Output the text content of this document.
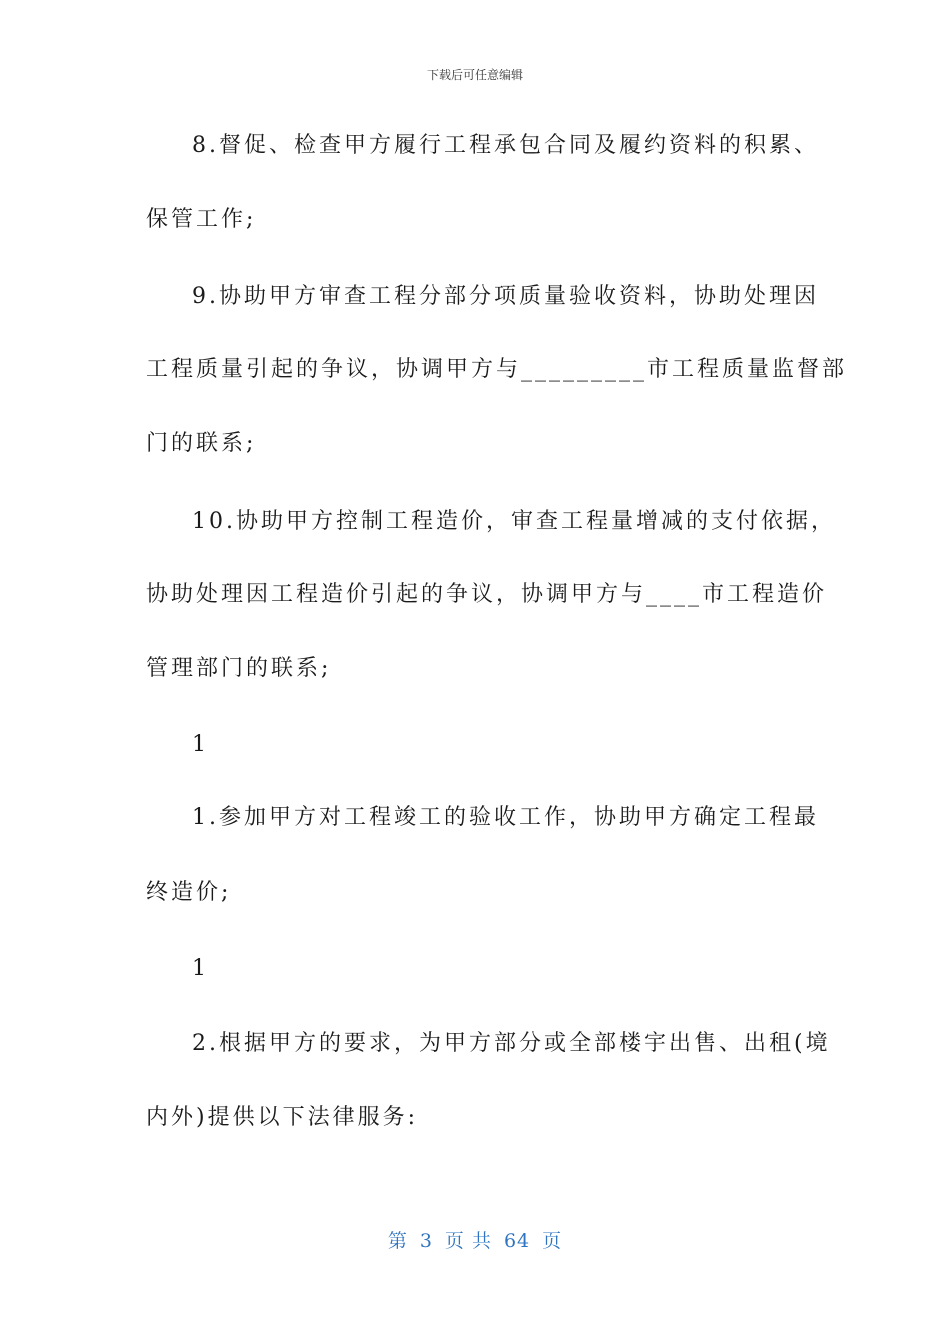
下载后可任意编辑
8.督促、检查甲方履行工程承包合同及履约资料的积累、
保管工作;
9.协助甲方审查工程分部分项质量验收资料，协助处理因
工程质量引起的争议，协调甲方与_________市工程质量监督部
门的联系;
10.协助甲方控制工程造价，审查工程量增减的支付依据，
协助处理因工程造价引起的争议，协调甲方与____市工程造价
管理部门的联系;
1
1.参加甲方对工程竣工的验收工作，协助甲方确定工程最
终造价;
1
2.根据甲方的要求，为甲方部分或全部楼宇出售、出租(境
内外)提供以下法律服务:
第 3 页 共 64 页
